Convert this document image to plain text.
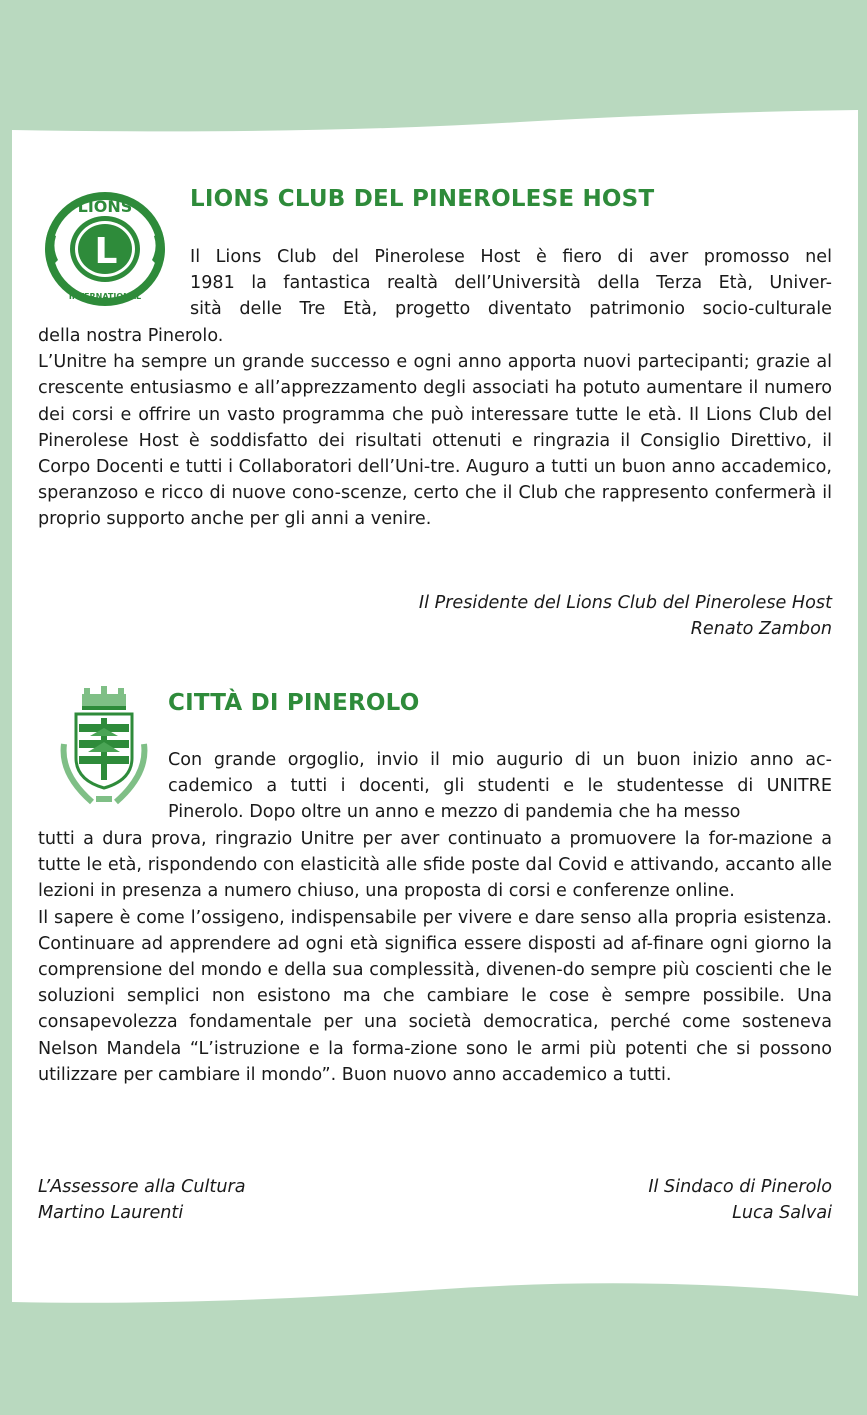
LIONS
L
INTERNATIONAL
LIONS CLUB DEL PINEROLESE HOST
Il Lions Club del Pinerolese Host è fiero di aver promosso nel
1981 la fantastica realtà dell’Università della Terza Età, Univer-
sità delle Tre Età, progetto diventato patrimonio socio-culturale

della nostra Pinerolo.

L’Unitre ha sempre un grande successo e ogni anno apporta nuovi partecipanti; grazie al crescente entusiasmo e all’apprezzamento degli associati ha potuto aumentare il numero dei corsi e offrire un vasto programma che può interessare tutte le età. Il Lions Club del Pinerolese Host è soddisfatto dei risultati ottenuti e ringrazia il Consiglio Direttivo, il Corpo Docenti e tutti i Collaboratori dell’Uni-tre. Auguro a tutti un buon anno accademico, speranzoso e ricco di nuove cono-scenze, certo che il Club che rappresento confermerà il proprio supporto anche per gli anni a venire.

Il Presidente del Lions Club del Pinerolese Host
Renato Zambon
CITTÀ DI PINEROLO
Con grande orgoglio, invio il mio augurio di un buon inizio anno ac-
cademico a tutti i docenti, gli studenti e le studentesse di UNITRE
Pinerolo. Dopo oltre un anno e mezzo di pandemia che ha messo

tutti a dura prova, ringrazio Unitre per aver continuato a promuovere la for-mazione a tutte le età, rispondendo con elasticità alle sfide poste dal Covid e attivando, accanto alle lezioni in presenza a numero chiuso, una proposta di corsi e conferenze online.

Il sapere è come l’ossigeno, indispensabile per vivere e dare senso alla propria esistenza. Continuare ad apprendere ad ogni età significa essere disposti ad af-finare ogni giorno la comprensione del mondo e della sua complessità, divenen-do sempre più coscienti che le soluzioni semplici non esistono ma che cambiare le cose è sempre possibile. Una consapevolezza fondamentale per una società democratica, perché come sosteneva Nelson Mandela “L’istruzione e la forma-zione sono le armi più potenti che si possono utilizzare per cambiare il mondo”. Buon nuovo anno accademico a tutti.

L’Assessore alla Cultura
Martino Laurenti
Il Sindaco di Pinerolo
Luca Salvai
